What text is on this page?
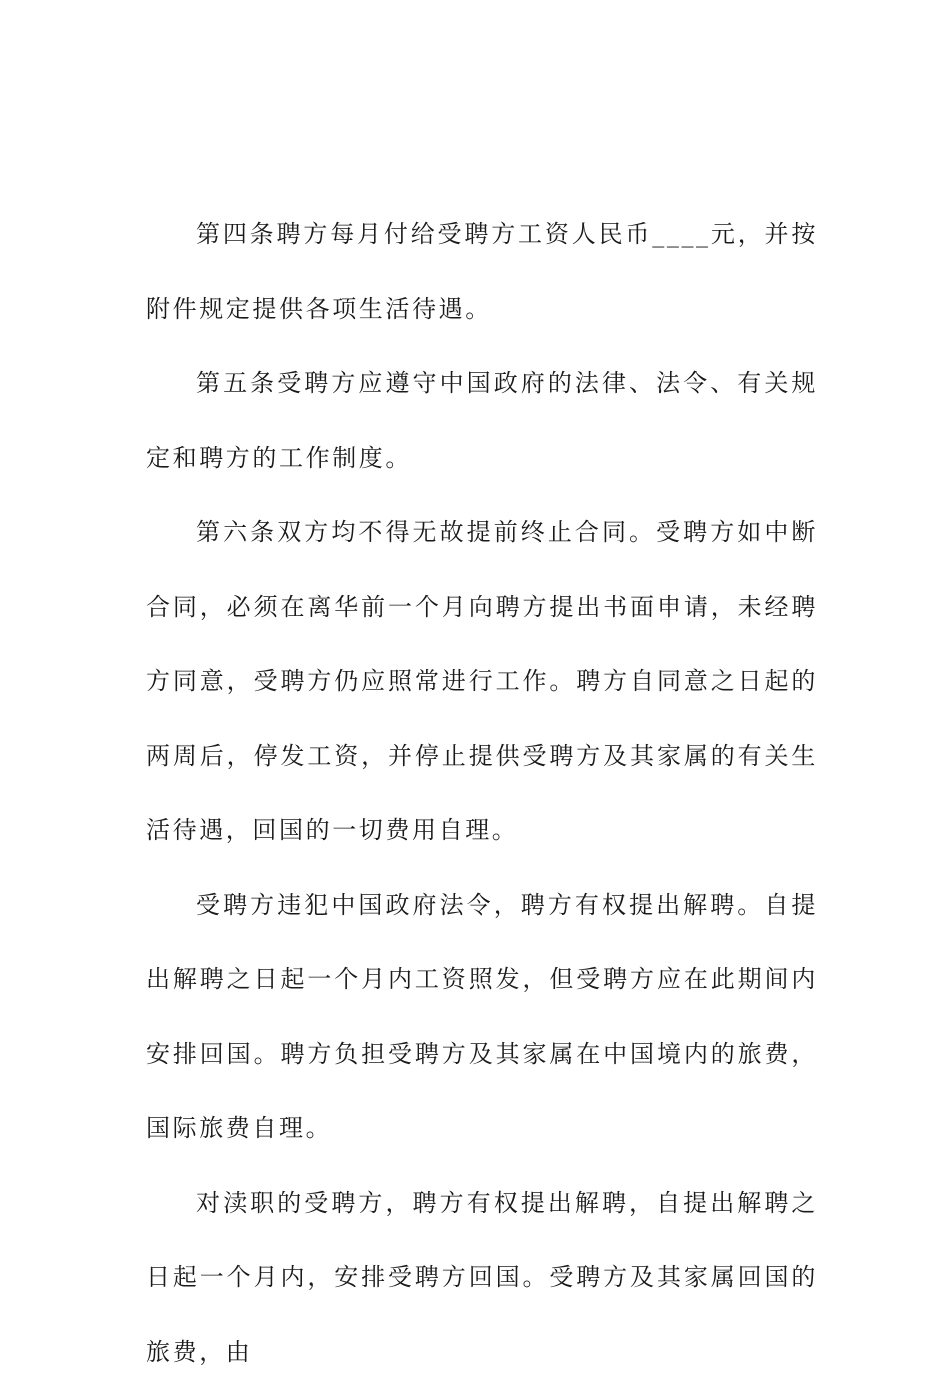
第四条聘方每月付给受聘方工资人民币____元，并按附件规定提供各项生活待遇。

第五条受聘方应遵守中国政府的法律、法令、有关规定和聘方的工作制度。

第六条双方均不得无故提前终止合同。受聘方如中断合同，必须在离华前一个月向聘方提出书面申请，未经聘方同意，受聘方仍应照常进行工作。聘方自同意之日起的两周后，停发工资，并停止提供受聘方及其家属的有关生活待遇，回国的一切费用自理。

受聘方违犯中国政府法令，聘方有权提出解聘。自提出解聘之日起一个月内工资照发，但受聘方应在此期间内安排回国。聘方负担受聘方及其家属在中国境内的旅费，国际旅费自理。

对渎职的受聘方，聘方有权提出解聘，自提出解聘之日起一个月内，安排受聘方回国。受聘方及其家属回国的旅费，由
